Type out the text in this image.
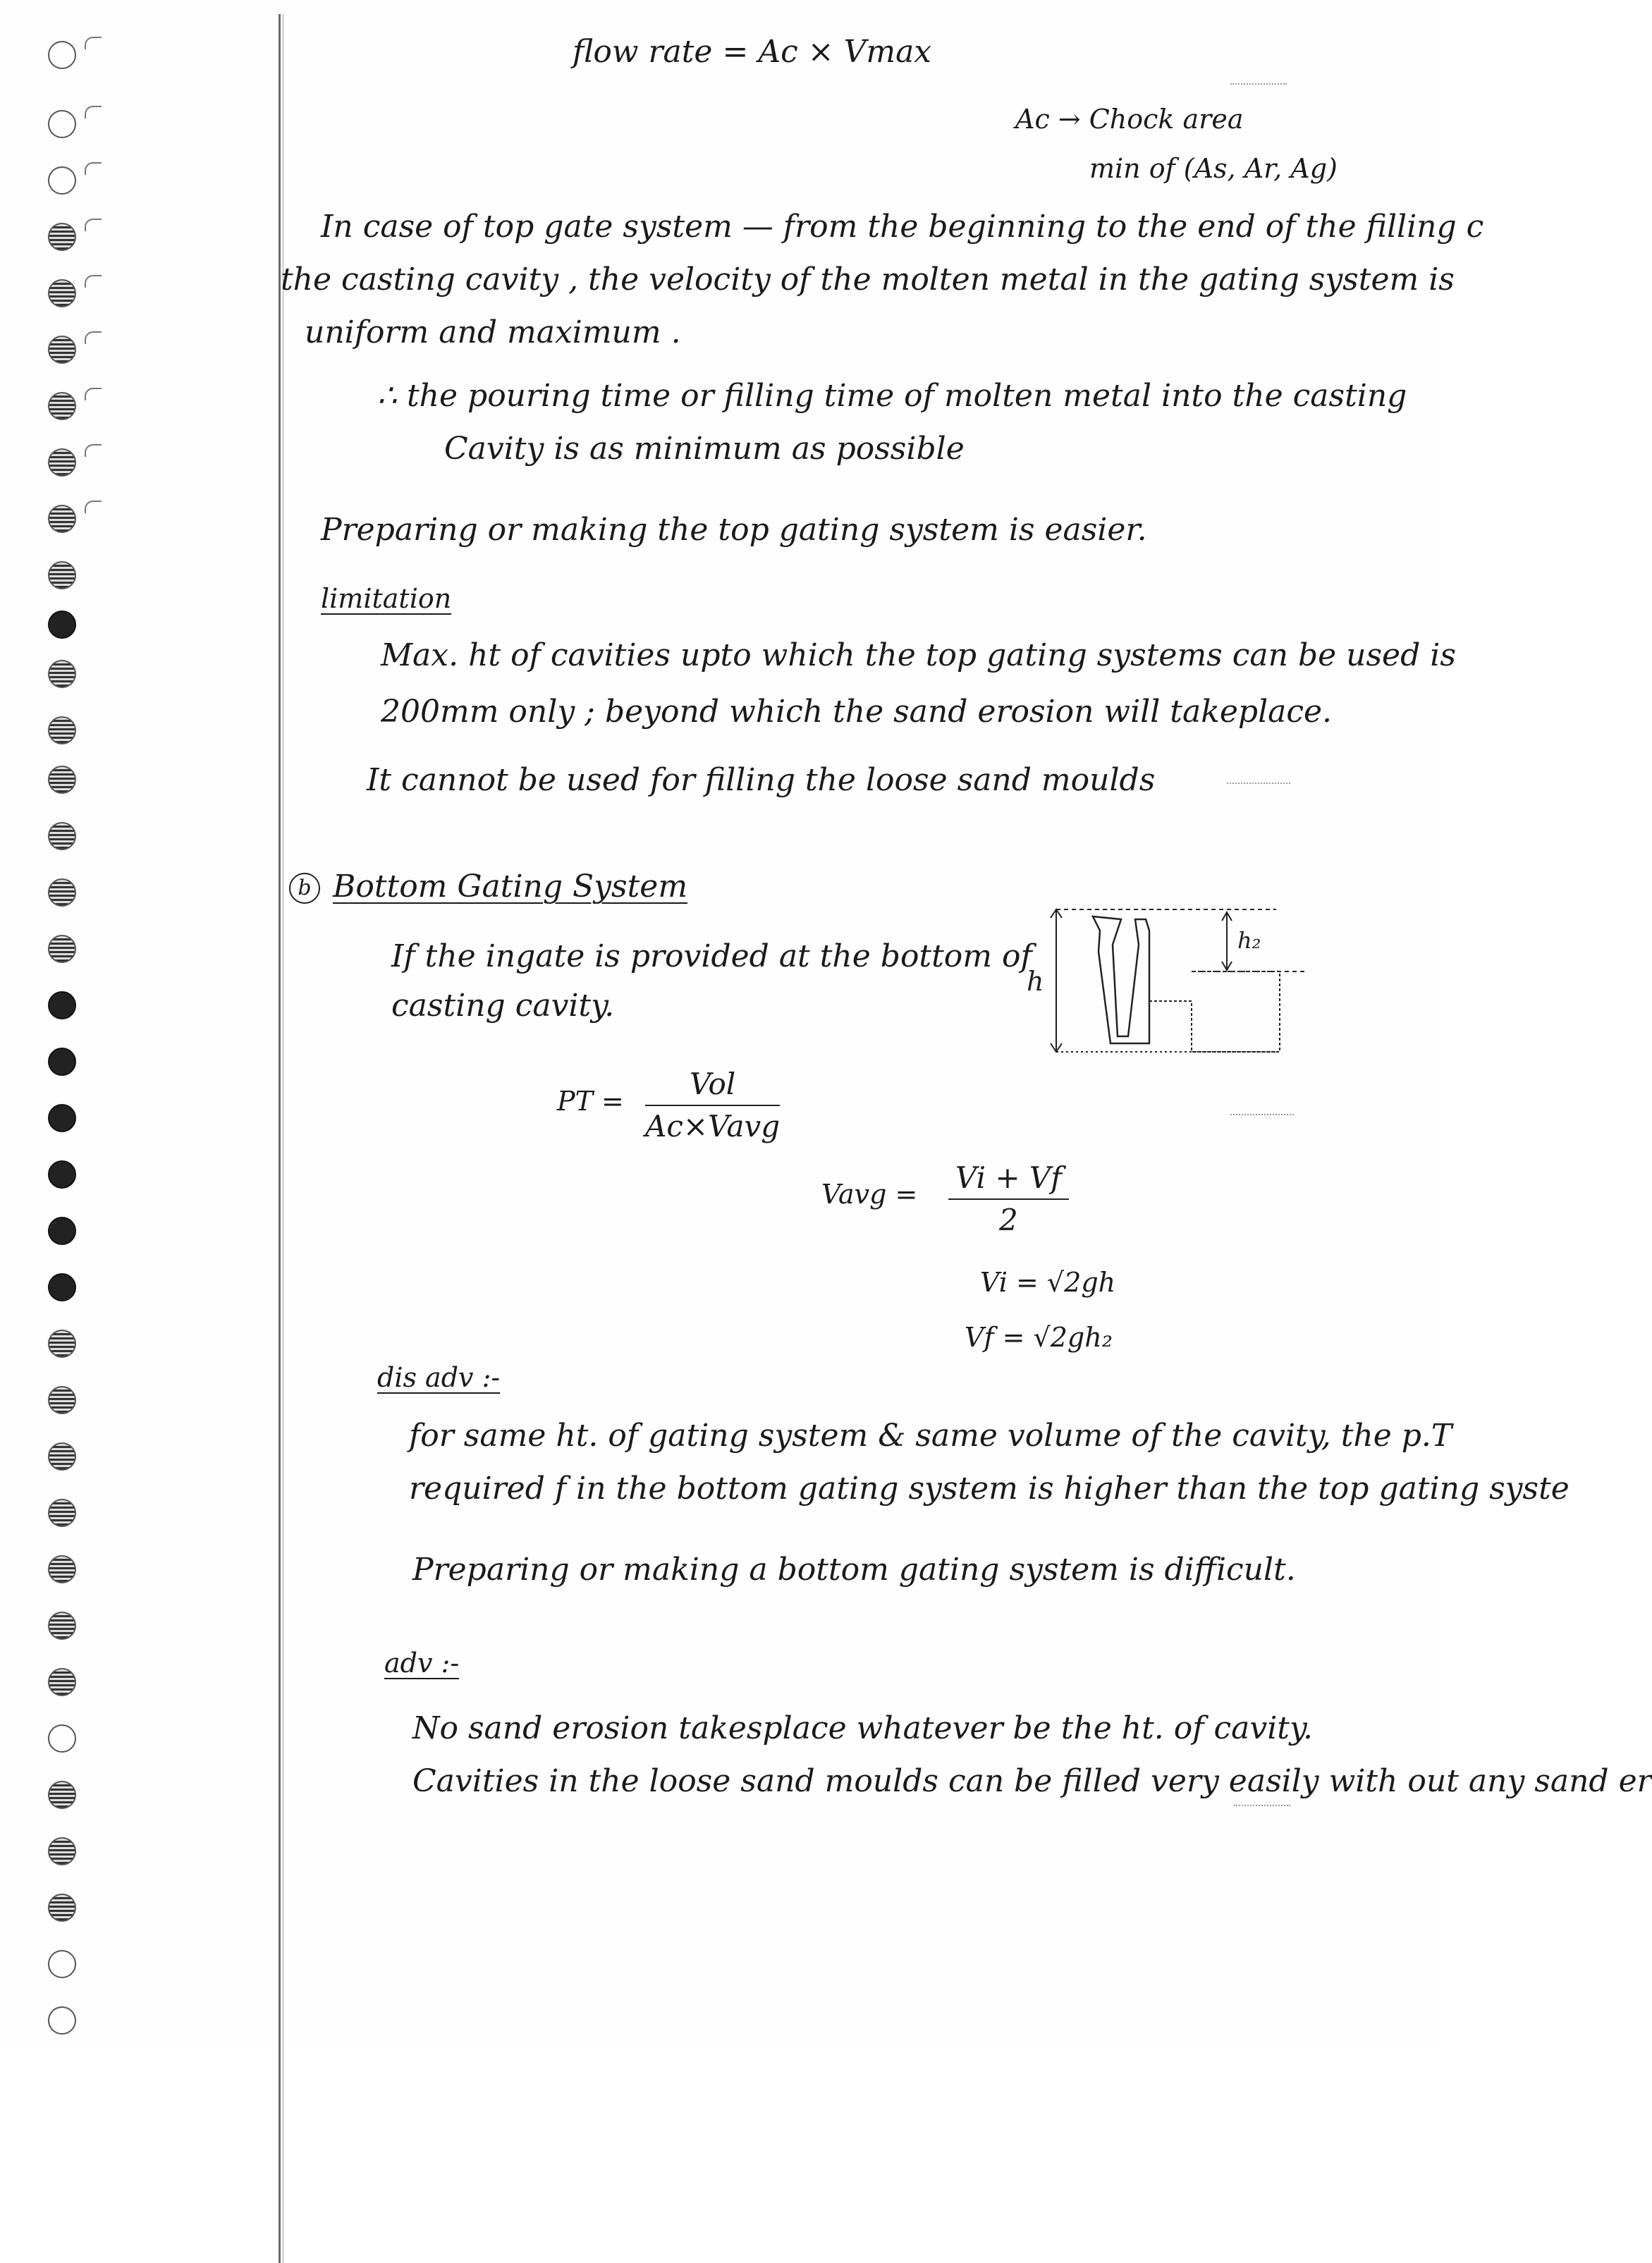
flow rate = Ac × Vmax
Ac → Chock area
min of (As, Ar, Ag)
In case of top gate system — from the beginning to the end of the filling c
the casting cavity , the velocity of the molten metal in the gating system is
uniform and maximum .
∴ the pouring time or filling time of molten metal into the casting
Cavity is as minimum as possible
Preparing or making the top gating system is easier.
limitation
Max. ht of cavities upto which the top gating systems can be used is
200mm only ; beyond which the sand erosion will takeplace.
It cannot be used for filling the loose sand moulds
b Bottom Gating System
If the ingate is provided at the bottom of
casting cavity.
h
h₂
PT =	Vol
Ac×Vavg
Vavg = $\frac{Vi + Vf}{2}$
Vi = √2gh
Vf = √2gh₂
dis adv :-
for same ht. of gating system & same volume of the cavity, the p.T
required f in the bottom gating system is higher than the top gating syste
Preparing or making a bottom gating system is difficult.
adv :-
No sand erosion takesplace whatever be the ht. of cavity.
Cavities in the loose sand moulds can be filled very easily with out any sand er
